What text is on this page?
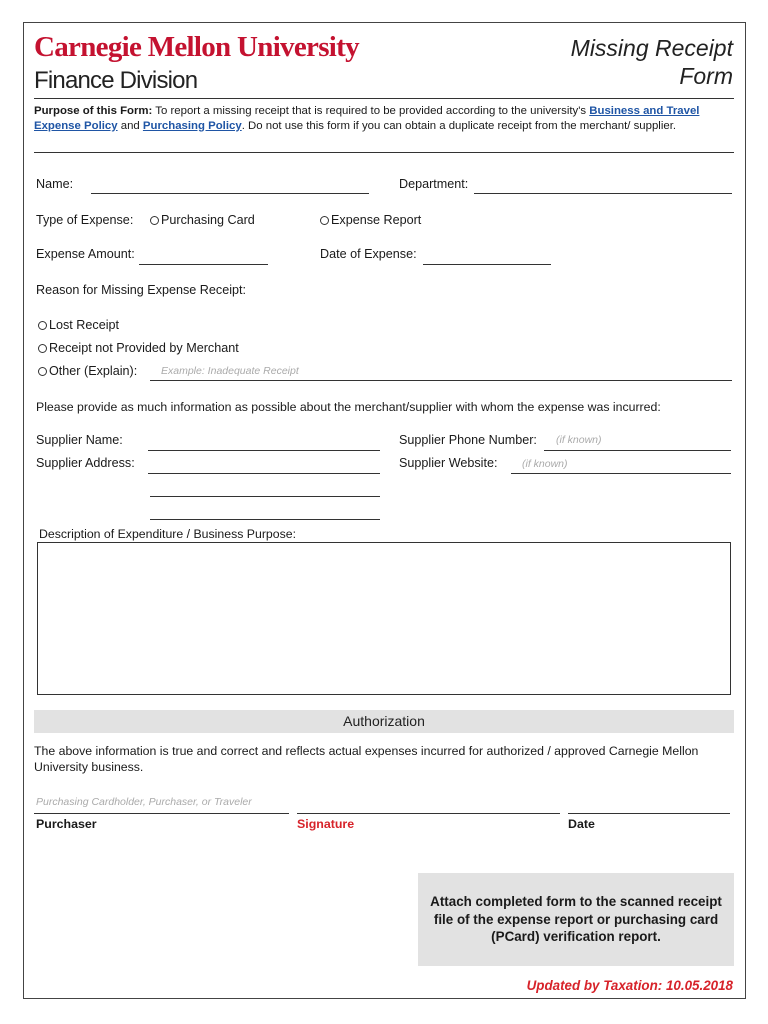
Carnegie Mellon University
Finance Division
Missing Receipt
Form
Purpose of this Form: To report a missing receipt that is required to be provided according to the university's Business and Travel Expense Policy and Purchasing Policy. Do not use this form if you can obtain a duplicate receipt from the merchant/ supplier.
Name:	Department:
Type of Expense:	Purchasing Card	Expense Report
Expense Amount:	Date of Expense:
Reason for Missing Expense Receipt:
Lost Receipt
Receipt not Provided by Merchant
Other (Explain): Example: Inadequate Receipt
Please provide as much information as possible about the merchant/supplier with whom the expense was incurred:
Supplier Name:	Supplier Phone Number: (if known)
Supplier Address:	Supplier Website: (if known)
Description of Expenditure / Business Purpose:
Authorization
The above information is true and correct and reflects actual expenses incurred for authorized / approved Carnegie Mellon University business.
Purchasing Cardholder, Purchaser, or Traveler
Purchaser	Signature	Date
Attach completed form to the scanned receipt file of the expense report or purchasing card (PCard) verification report.
Updated by Taxation: 10.05.2018
